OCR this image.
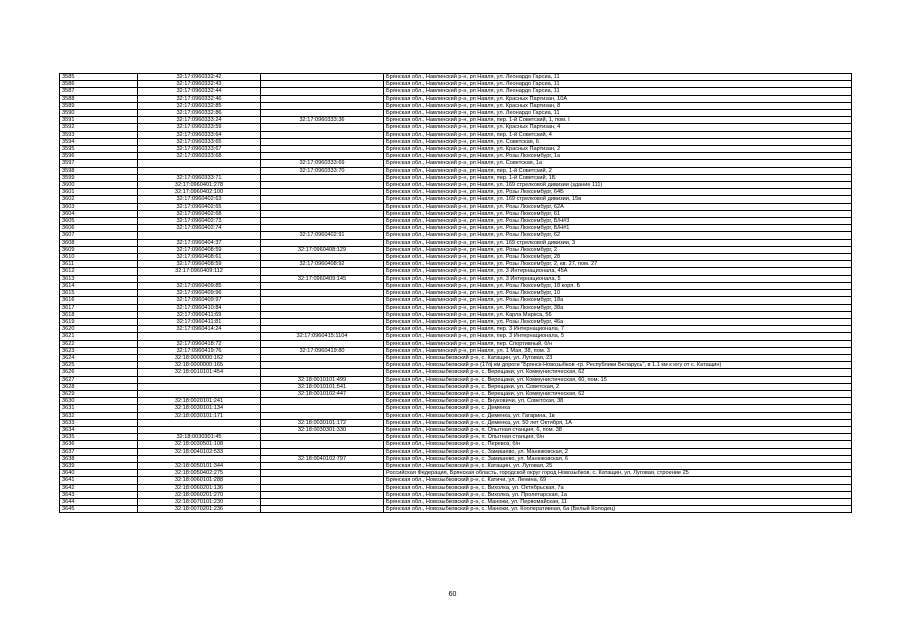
3585	32:17:0960332:42		Брянская обл., Навлинский р-н, рп Навля, ул. Леонардо Гарсиа, 11
3586	32:17:0960332:43		Брянская обл., Навлинский р-н, рп Навля, ул. Леонардо Гарсиа, 11
3587	32:17:0960332:44		Брянская обл., Навлинский р-н, рп Навля, ул. Леонардо Гарсиа, 11
3588	32:17:0960332:46		Брянская обл., Навлинский р-н, рп Навля, ул. Красных Партизан, 10А
3589	32:17:0960332:85		Брянская обл., Навлинский р-н, рп Навля, ул. Красных Партизан, 8
3590	32:17:0960332:86		Брянская обл., Навлинский р-н, рп Навля, ул. Леонардо Гарсиа, 11
3591	32:17:0960333:24	32:17:0960333:36	Брянская обл., Навлинский р-н, рп Навля, пер. 1-й Советский, 1, пом. I
3592	32:17:0960333:59		Брянская обл., Навлинский р-н, рп Навля, ул. Красных Партизан, 4
3593	32:17:0960333:64		Брянская обл., Навлинский р-н, рп Навля, пер. 1-й Советский, 4
3594	32:17:0960333:65		Брянская обл., Навлинский р-н, рп Навля, ул. Советская, 6
3595	32:17:0960333:67		Брянская обл., Навлинский р-н, рп Навля, ул. Красных Партизан, 2
3596	32:17:0960333:68		Брянская обл., Навлинский р-н, рп Навля, ул. Розы Люксембург, 1а
3597		32:17:0960333:69	Брянская обл., Навлинский р-н, рп Навля, ул. Советская, 1а
3598		32:17:0960333:70	Брянская обл., Навлинский р-н, рп Навля, пер. 1-й Советский, 2
3599	32:17:0960333:71		Брянская обл., Навлинский р-н, рп Навля, пер. 1-й Советский, 1Б
3600	32:17:0960401:278		Брянская обл., Навлинский р-н, рп Навля, ул. 169 стрелковой дивизии (здание 111)
3601	32:17:0960402:100		Брянская обл., Навлинский р-н, рп Навля, ул. Розы Люксембург, 64Б
3602	32:17:0960402:63		Брянская обл., Навлинский р-н, рп Навля, ул. 169 стрелковой дивизии, 15в
3603	32:17:0960402:65		Брянская обл., Навлинский р-н, рп Навля, ул. Розы Люксембург, 62А
3604	32:17:0960402:68		Брянская обл., Навлинский р-н, рп Навля, ул. Розы Люксембург, 61
3605	32:17:0960402:73		Брянская обл., Навлинский р-н, рп Навля, ул. Розы Люксембург, Б/Н#3
3606	32:17:0960402:74		Брянская обл., Навлинский р-н, рп Навля, ул. Розы Люксембург, Б/Н#1
3607		32:17:0960402:91	Брянская обл., Навлинский р-н, рп Навля, ул. Розы Люксембург, 62
3608	32:17:0960404:37		Брянская обл., Навлинский р-н, рп Навля, ул. 169 стрелковой дивизии, 3
3609	32:17:0960408:59	32:17:0960408:129	Брянская обл., Навлинский р-н, рп Навля, ул. Розы Люксембург, 2
3610	32:17:0960408:61		Брянская обл., Навлинский р-н, рп Навля, ул. Розы Люксембург, 28
3611	32:17:0960408:59	32:17:0960408:92	Брянская обл., Навлинский р-н, рп Навля, ул. Розы Люксембург, 2, кв. 27, пом. 27
3612	32:17:0960409:112		Брянская обл., Навлинский р-н, рп Навля, ул. 3 Интернационала, 45А
3613		32:17:0960409:145	Брянская обл., Навлинский р-н, рп Навля, ул. 3 Интернационала, 5
3614	32:17:0960409:85		Брянская обл., Навлинский р-н, рп Навля, ул. Розы Люксембург, 18 корп. Б
3615	32:17:0960409:96		Брянская обл., Навлинский р-н, рп Навля, ул. Розы Люксембург, 10
3616	32:17:0960409:97		Брянская обл., Навлинский р-н, рп Навля, ул. Розы Люксембург, 18а
3617	32:17:0960410:84		Брянская обл., Навлинский р-н, рп Навля, ул. Розы Люксембург, 38а
3618	32:17:0960411:69		Брянская обл., Навлинский р-н, рп Навля, ул. Карла Маркса, 56
3619	32:17:0960411:81		Брянская обл., Навлинский р-н, рп Навля, ул. Розы Люксембург, 46а
3620	32:17:0960414:24		Брянская обл., Навлинский р-н, рп Навля, пер. 3 Интернационала, 7
3621		32:17:0960415:1104	Брянская обл., Навлинский р-н, рп Навля, пер. 3 Интернационала, 5
3622	32:17:0960418:72		Брянская обл., Навлинский р-н, рп Навля, пер. Спортивный, б/н
3623	32:17:0960419:76	32:17:0960419:80	Брянская обл., Навлинский р-н, рп Навля, ул. 1 Мая, 38, пом. 3
3624	32:18:0000000:162		Брянская обл., Новозыбковский р-н, с. Катащин, ул. Луговая, 23
3625	32:18:0000000:165		Брянская обл., Новозыбковский р-н (17ój км дороги "Брянск-Новозыбков -гр. Республики Беларусь", в 1.1 км к югу от с. Катащин)
3626	32:18:0010101:454		Брянская обл., Новозыбковский р-н, с. Верещаки, ул. Коммунистическая, 62
3627		32:18:0010101:499	Брянская обл., Новозыбковский р-н, с. Верещаки, ул. Коммунистическая, 60, пом. 15
3628		32:18:0010101:541	Брянская обл., Новозыбковский р-н, с. Верещаки, ул. Советская, 2
3629		32:18:0010102:447	Брянская обл., Новозыбковский р-н, с. Верещаки, ул. Коммунистическая, 62
3630	32:18:0020101:241		Брянская обл., Новозыбковский р-н, с. Внуковичи, ул. Советская, 38
3631	32:18:0030101:134		Брянская обл., Новозыбковский р-н, с. Деменка
3632	32:18:0030101:171		Брянская обл., Новозыбковский р-н, с. Деменка, ул. Гагарина, 1в
3633		32:18:0030101:172	Брянская обл., Новозыбковский р-н, с. Деменка, ул. 50 лет Октября, 1А
3634		32:18:0030301:330	Брянская обл., Новозыбковский р-н, п. Опытная станция, 6, пом. 38
3635	32:18:0030301:45		Брянская обл., Новозыбковский р-н, п. Опытная станция, б/н
3636	32:18:0030501:108		Брянская обл., Новозыбковский р-н, с. Перевоз, б/н
3637	32:18:0040102:533		Брянская обл., Новозыбковский р-н, с. Замишево, ул. Манюковская, 2
3638		32:18:0040102:797	Брянская обл., Новозыбковский р-н, с. Замишево, ул. Манюковская, 6
3639	32:18:0050101:344		Брянская обл., Новозыбковский р-н, с. Катащин, ул. Луговая, 25
3640	32:18:0050402:275		Российская Федерация, Брянская область, городской округ город Новозыбков, с. Катащин, ул. Луговая, строение 25
3641	32:18:0060101:288		Брянская обл., Новозыбковский р-н, с. Катичи, ул. Ленина, 69
3642	32:18:0060201:136		Брянская обл., Новозыбковский р-н, с. Вихолка, ул. Октябрьская, 7а
3643	32:18:0060201:270		Брянская обл., Новозыбковский р-н, с. Вихолка, ул. Пролетарская, 1а
3644	32:18:0070101:230		Брянская обл., Новозыбковский р-н, с. Манюки, ул. Первомайская, 11
3645	32:18:0070201:236		Брянская обл., Новозыбковский р-н, с. Манюки, ул. Кооперативная, 6а (Белый Колодец)
60
